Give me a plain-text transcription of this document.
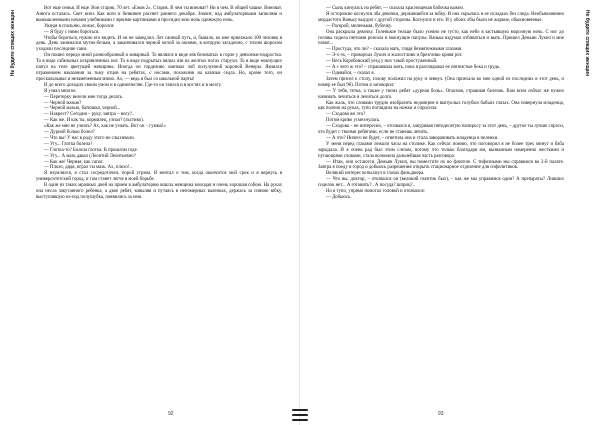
Вот еще семья. И еще. Вон старик, 70 лет. «Ежов 2». Старик. В чем ты виноват? Ни в чем. В общей чашке. Виноват. Анюта осталась. Свет ясен. Как ясен и безвинен рассвет раннего декабря. Значит, над амбулаторными записями и вымышленными ночами учебниками с яркими картинками я просидел всю ночь одинокую ночь.

Ушедя в спальню, лежал, боролся:

— Я буду с ними бороться.

Чтобы бороться, нужно его видеть. И он не замедлил. Лег санный путь, и, бывало, ко мне приезжало 100 человек в день. День занимался мутно-белым, а заканчивался черной мглой за окнами, в которую загадочно, с тихим шорохом уходили последние сани.

Он пошел передо мной разнообразный и коварный. То являлся в виде язв беловатых в горле у девчонки-подростка. То в виде сабельных искривленных ног. То в виде подрытых вялых язв на желтых ногах старухи. То в виде мокнущих папул на теле цветущей женщины. Иногда он горделиво занимал лоб полулунной короной Венеры. Являлся отражением наказания за тьму отцов на ребятах, с носами, похожими на казачьи седла. Но, кроме того, он проскальзывал и незамеченным мною. Ах, — ведь я был со школьной парты!

И до всего доходил своим умом и в одиночестве. Где-то он таился и в костях и в мозгу.

Я узнал многое.

— Перетерку велели мне тогда делать.

— Черной мазью?

— Черной мазью, батюшка, черной...

— Накрест? Сегодня – руку, завтра – ногу?..

— Как же. И как ты, кормилец, узнал? (льстиво).

«Как же мне не узнать? Ах, как не узнать. Вот он – гумма!»

— Дурной болью болел?

— Что вы! У нас в роду этого не слыхивали.

— Угу... Глотка болела?

— Глотка-то? Болела глотка. В прошлом годе.

— Угу... А мазь давал (Леонтий Леонтьевич?

— Как же! Черная, как сапог.

— Плохо, дядя, играл ты мазь. Ах, плохо!..

Я изумлялся, я стал сосредоточен, порой угрюм. Я мечтал о том, когда окончится мой срок и я вернусь в университетский город, и там станет легче в моей борьбе.

В один из таких мрачных дней на прием в амбулаторию вошла женщина молодая и очень хорошая собою. На руках она несла закутанного ребенка, а двое ребят, ковыляя и путаясь в непомерных валенках, держась за синюю юбку, выступавшую из-под полушубка, появились за нею.

Не будите спящих женщин

— Сыпь кинулась на ребят, — сказала краснощекая бабочка важно.

Я осторожно коснулся лба девочки, державшейся за юбку. И она скрылась в ее складках без следа. Необыкновенно мордастого Ваньку выудил с другой стороны. Коснулся и его. И у обоих лбы были не жаркие, обыкновенные.

— Раскрой, миленькая, бубочку.

Она раскрыла девочку. Голенькое тельце было усеяно не густо, как небо в застывшую морозную ночь. С ног до головы сидела пятнами розеола и мокнущие папулы. Ванька вздумал отбиваться и выть. Пришел Демьян Лукич и мне помог...

— Простуда, что ли? – сказала мать, глядя безмятежными глазами.

— Э-х-эх, – проворчал Лукич и жалостливо и брезгливо кривя рот.

— Весь Коробовский уезд у них такой простуженный.

— А с чего ж это? – спрашивала мать, пока я разглядывал ее пятнистые бока и грудь.

— Одевайся, – сказал я.

Затем присел к столу, голову положил на руку и зевнул. (Она приехала во мне одной из последних в этот день, и номер ее был 96). Потом я заговорил:

— У тебя, тетка, а также у твоих ребят «дурная боль». Опасная, страшная болезнь. Вам всем сейчас же нужно начинать лечиться и лечиться долго.

Как жаль, что словами трудно изобразить недоверие в выпуклых голубых бабьих глазах. Она повернула младенца, как полено на руках, тупо поглядела на ножки и спросила:

— Сходова же это?

Потом криво усмехнулась.

— Сходова – не интересно, – отозвался я, закуривая пятидесятую папиросу за этот день, – другое ты лучше спроси, что будет с твоими ребятами, если не станешь лечить.

— А что? Ничего не будет, – ответила она и стала заворачивать младенца в пеленки.

У меня перед глазами лежали часы на столике. Как сейчас помню, что поговорил я не более трех минут и баба зарыдала. И я очень рад был этим слезам, потому что только благодаря им, вызванным намеренно жесткими и пугающими словами, стала возможна дальнейшая часть разговора:

— Итак, они остаются. Демьян Лукич, вы поместите их во флигеле. С тифозными мы справимся во 2-й палате. Завтра я поеду в город и добьюсь разрешения открыть стационарное отделение для сифилитиков.

Великий интерес вспыхнул в глазах фельдшера.

— Что вы, доктор, – отозвался он (великий скептик был), – как же мы управимся одни? А препараты? Лишних сиделок нет... А готовить?.. А посуда? шприц?..

Но я тупо, упрямо помотал головой и отозвался:

— Добьюсь.

Не будите спящих женщин
92	93
